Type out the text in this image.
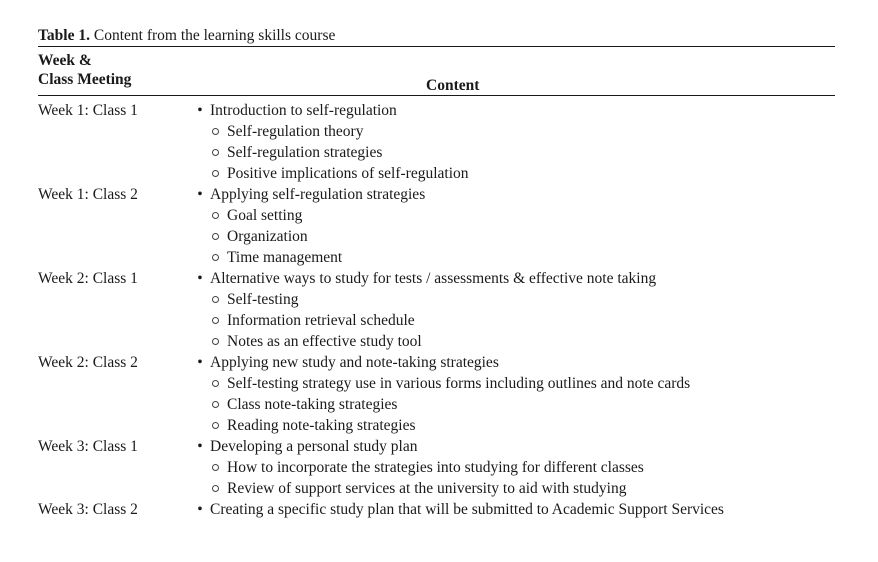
Table 1. Content from the learning skills course
Week &
Class Meeting	Content
Week 1: Class 1	• Introduction to self-regulation
Self-regulation theory
Self-regulation strategies
Positive implications of self-regulation
Week 1: Class 2	• Applying self-regulation strategies
Goal setting
Organization
Time management
Week 2: Class 1	• Alternative ways to study for tests / assessments & effective note taking
Self-testing
Information retrieval schedule
Notes as an effective study tool
Week 2: Class 2	• Applying new study and note-taking strategies
Self-testing strategy use in various forms including outlines and note cards
Class note-taking strategies
Reading note-taking strategies
Week 3: Class 1	• Developing a personal study plan
How to incorporate the strategies into studying for different classes
Review of support services at the university to aid with studying
Week 3: Class 2	• Creating a specific study plan that will be submitted to Academic Support Services
